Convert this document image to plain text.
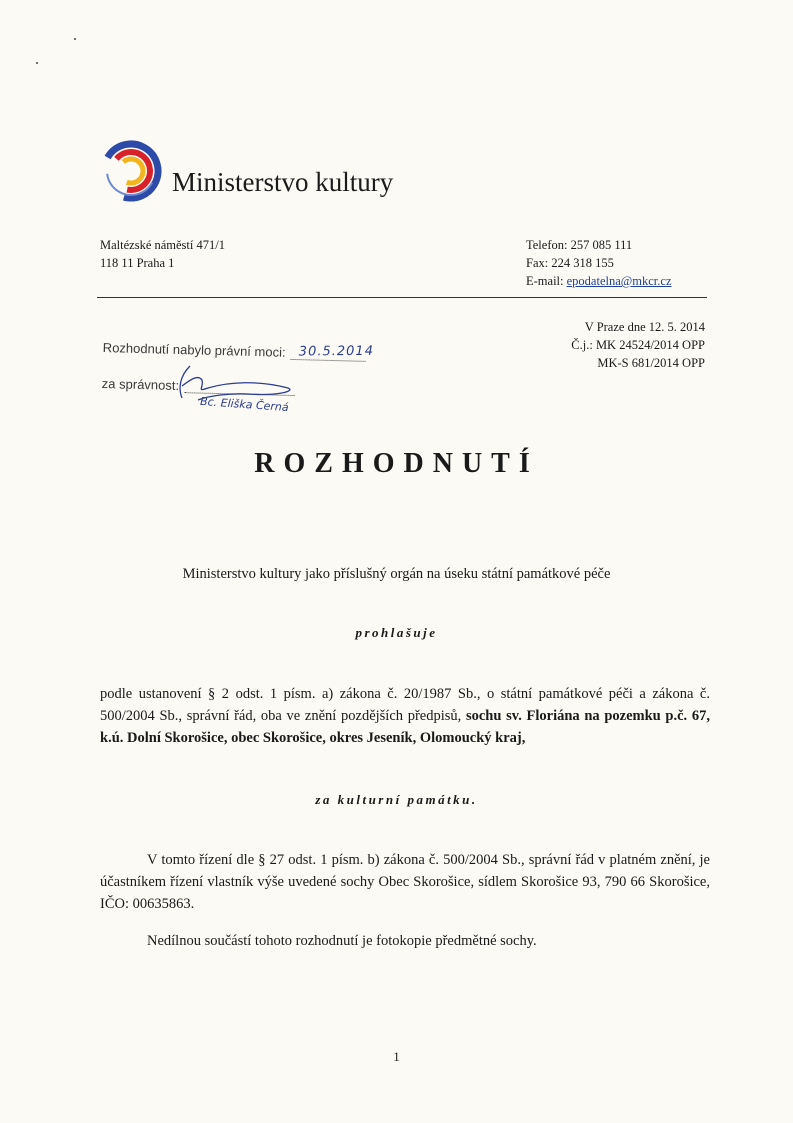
Ministerstvo kultury
Maltézské náměstí 471/1
118 11 Praha 1
Telefon: 257 085 111
Fax: 224 318 155
E-mail: epodatelna@mkcr.cz
V Praze dne 12. 5. 2014
Č.j.: MK 24524/2014 OPP
MK-S 681/2014 OPP
Rozhodnutí nabylo právní moci: 30.5.2014
za správnost:
Bc. Eliška Černá
ROZHODNUTÍ
Ministerstvo kultury jako příslušný orgán na úseku státní památkové péče
prohlašuje
podle ustanovení § 2 odst. 1 písm. a) zákona č. 20/1987 Sb., o státní památkové péči a zákona č. 500/2004 Sb., správní řád, oba ve znění pozdějších předpisů, sochu sv. Floriána na pozemku p.č. 67, k.ú. Dolní Skorošice, obec Skorošice, okres Jeseník, Olomoucký kraj,
za kulturní památku.
V tomto řízení dle § 27 odst. 1 písm. b) zákona č. 500/2004 Sb., správní řád v platném znění, je účastníkem řízení vlastník výše uvedené sochy Obec Skorošice, sídlem Skorošice 93, 790 66 Skorošice, IČO: 00635863.
Nedílnou součástí tohoto rozhodnutí je fotokopie předmětné sochy.
1
